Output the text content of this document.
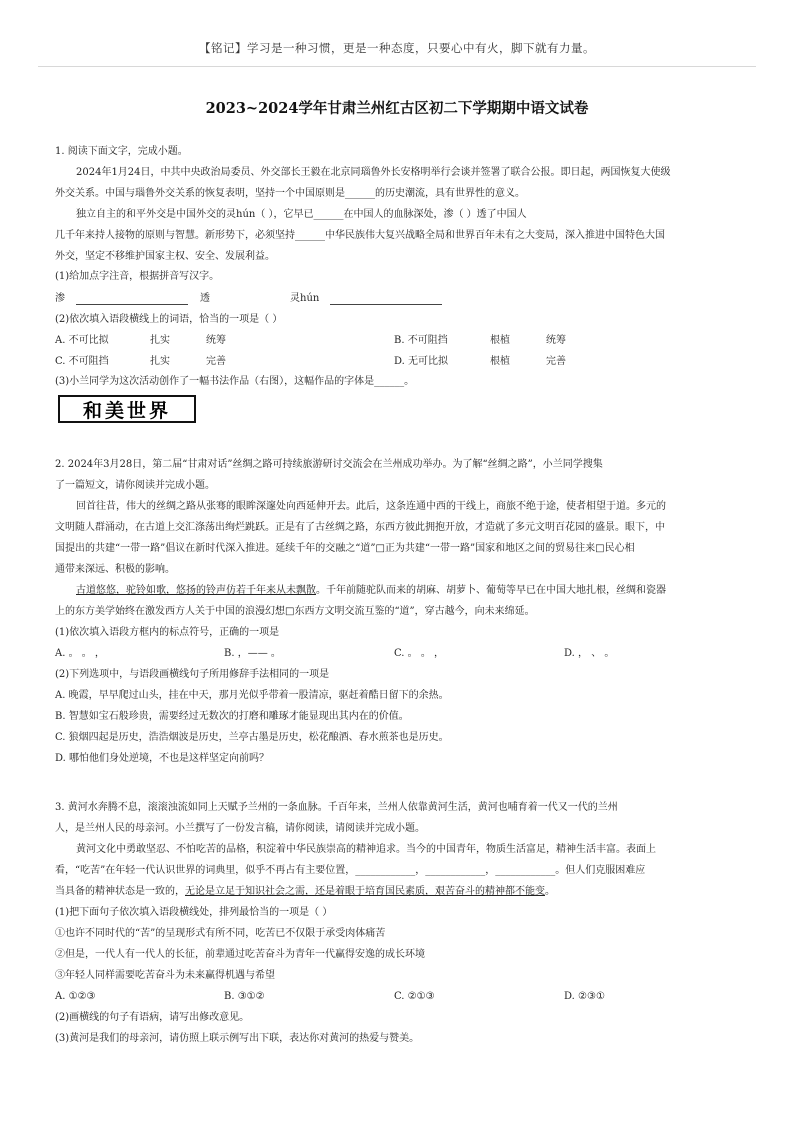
【铭记】学习是一种习惯，更是一种态度，只要心中有火，脚下就有力量。
2023~2024学年甘肃兰州红古区初二下学期期中语文试卷
1. 阅读下面文字，完成小题。
2024年1月24日，中共中央政治局委员、外交部长王毅在北京同瑙鲁外长安格明举行会谈并签署了联合公报。即日起，两国恢复大使级
外交关系。中国与瑙鲁外交关系的恢复表明，坚持一个中国原则是______的历史潮流，具有世界性的意义。
独立自主的和平外交是中国外交的灵hún（ ），它早已______在中国人的血脉深处，渗（ ）透了中国人
几千年来持人接物的原则与智慧。新形势下，必须坚持______中华民族伟大复兴战略全局和世界百年未有之大变局，深入推进中国特色大国
外交，坚定不移维护国家主权、安全、发展利益。
(1)给加点字注音，根据拼音写汉字。
渗	透	灵hún
(2)依次填入语段横线上的词语，恰当的一项是（ ）
A. 不可比拟	扎实	统筹	B. 不可阻挡	根植	统筹
C. 不可阻挡	扎实	完善	D. 无可比拟	根植	完善
(3)小兰同学为这次活动创作了一幅书法作品（右图），这幅作品的字体是______。
和美世界
2. 2024年3月28日，第二届“甘肃对话”丝绸之路可持续旅游研讨交流会在兰州成功举办。为了解“丝绸之路”，小兰同学搜集
了一篇短文，请你阅读并完成小题。
回首往昔，伟大的丝绸之路从张骞的眼眸深邃处向西延伸开去。此后，这条连通中西的干线上，商旅不绝于途，使者相望于道。多元的
文明随人群涌动，在古道上交汇涤荡出绚烂跳跃。正是有了古丝绸之路，东西方彼此拥抱开放，才造就了多元文明百花园的盛景。眼下，中
国提出的共建“一带一路”倡议在新时代深入推进。延续千年的交融之“道”□正为共建“一带一路”国家和地区之间的贸易往来□民心相
通带来深远、积极的影响。
古道悠悠，驼铃如歌，悠扬的铃声仿若千年来从未飘散。千年前随驼队而来的胡麻、胡萝卜、葡萄等早已在中国大地扎根，丝绸和瓷器
上的东方美学始终在激发西方人关于中国的浪漫幻想□东西方文明交流互鉴的“道”，穿古越今，向未来绵延。
(1)依次填入语段方框内的标点符号，正确的一项是
A. 。 。 ，	B. ，—— 。	C. 。 。 ，	D. ， 、 。
(2)下列选项中，与语段画横线句子所用修辞手法相同的一项是
A. 晚霞，早早爬过山头，挂在中天，那月光似乎带着一股清凉，驱赶着酷日留下的余热。
B. 智慧如宝石般珍贵，需要经过无数次的打磨和雕琢才能显现出其内在的价值。
C. 狼烟四起是历史，浩浩烟波是历史，兰亭古墨是历史，松花酿酒、春水煎茶也是历史。
D. 哪怕他们身处逆境，不也是这样坚定向前吗？
3. 黄河水奔腾不息，滚滚浊流如同上天赋予兰州的一条血脉。千百年来，兰州人依靠黄河生活，黄河也哺育着一代又一代的兰州
人，是兰州人民的母亲河。小兰撰写了一份发言稿，请你阅读，请阅读并完成小题。
黄河文化中勇敢坚忍、不怕吃苦的品格，积淀着中华民族崇高的精神追求。当今的中国青年，物质生活富足，精神生活丰富。表面上
看，“吃苦”在年轻一代认识世界的词典里，似乎不再占有主要位置，____________，____________，____________。但人们克服困难应
当具备的精神状态是一致的，无论是立足于知识社会之需，还是着眼于培育国民素质，艰苦奋斗的精神都不能变。
(1)把下面句子依次填入语段横线处，排列最恰当的一项是（ ）
①也许不同时代的“苦”的呈现形式有所不同，吃苦已不仅限于承受肉体痛苦
②但是，一代人有一代人的长征，前辈通过吃苦奋斗为青年一代赢得安逸的成长环境
③年轻人同样需要吃苦奋斗为未来赢得机遇与希望
A. ①②③	B. ③①②	C. ②①③	D. ②③①
(2)画横线的句子有语病，请写出修改意见。
(3)黄河是我们的母亲河，请仿照上联示例写出下联，表达你对黄河的热爱与赞美。
